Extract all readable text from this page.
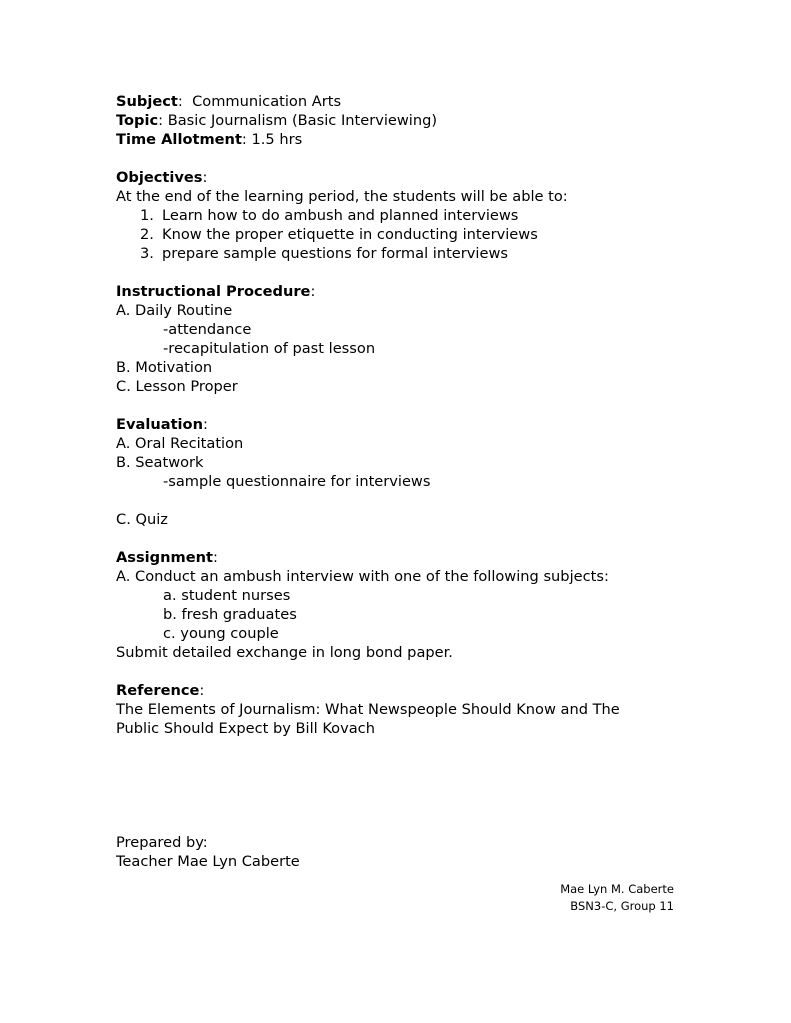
Subject:  Communication Arts
Topic: Basic Journalism (Basic Interviewing)
Time Allotment: 1.5 hrs
Objectives:
At the end of the learning period, the students will be able to:
1. Learn how to do ambush and planned interviews
2. Know the proper etiquette in conducting interviews
3. prepare sample questions for formal interviews
Instructional Procedure:
A. Daily Routine
-attendance
-recapitulation of past lesson
B. Motivation
C. Lesson Proper
Evaluation:
A. Oral Recitation
B. Seatwork
-sample questionnaire for interviews
C. Quiz
Assignment:
A. Conduct an ambush interview with one of the following subjects:
a. student nurses
b. fresh graduates
c. young couple
Submit detailed exchange in long bond paper.
Reference:
The Elements of Journalism: What Newspeople Should Know and The
Public Should Expect by Bill Kovach
Prepared by:
Teacher Mae Lyn Caberte
Mae Lyn M. Caberte
BSN3-C, Group 11
